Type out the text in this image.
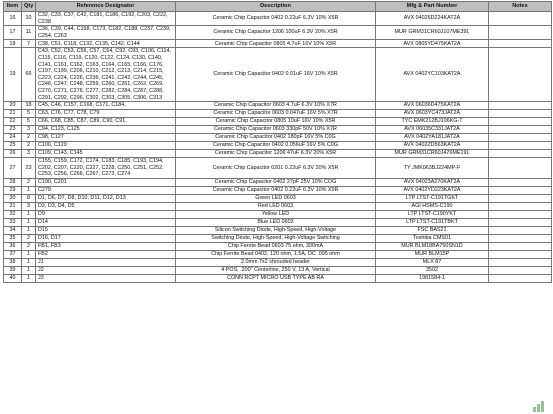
Item	Qty	Reference Designator	Description	Mfg & Part Number	Notes
16	10	C32, C33, C37, C42, C181, C186, C192, C203, C222, C238	Ceramic Chip Capacitor 0402 0.22uF 6.3V 10% X5R	AVX 04026D224KAT2A	
17	11	C36, C39, C44, C158, C173, C182, C188, C237, C239, C254, C263	Ceramic Chip Capacitor 1206 100uF 6.3V 20% X5R	MUR GRM31CR60J107ME39L	
18	7	C38, C51, C118, C132, C135, C142, C144	Ceramic Chip Capacitor 0805 4.7uF 16V 10% X5R	AVX 0805YD475KAT2A	
19	66	C43, C52, C53, C56, C57, C64, C92, C93, C106, C114, C115, C116, C119, C120, C122, C124, C130, C140, C141, C161, C162, C163, C164, C165, C166, C176, C197, C199, C206, C210, C212, C213, C214, C215, C223, C224, C226, C236, C241, C242, C244, C245, C246, C247, C248, C259, C260, C261, C262, C269, C270, C271, C276, C277, C282, C284, C287, C288, C291, C292, C296, C302, C303, C305, C306, C313	Ceramic Chip Capacitor 0402 0.01uF 16V 10% X5R	AVX 0402YC103KAT2A	
20	18	C45, C46, C157, C168, C171, C184,	Ceramic Chip Capacitor 0603 4.7uF 6.3V 10% X7R	AVX 06036D475KAT2A	
21	5	C63, C76, C77, C78, C79	Ceramic Chip Capacitor 0603 0.047uF 16V 5% X7R	AVX 0603YC473JAT2A	
22	5	C66, C68, C85, C87, C89, C90, C91,	Ceramic Chip Capacitor 0805 10uF 16V 10% X5R	TYC EMK212BJ106KG-T	
23	3	C94, C123, C125	Ceramic Chip Capacitor 0603 330pF 50V 10% X7R	AVX 06035C331JAT2A	
24	2	C98, C127	Ceramic Chip Capacitor 0402 180pF 16V 5% C0G	AVX 0402YA181JAT2A	
25	2	C100, C129	Ceramic Chip Capacitor 0402 0.056uF 16V 5% C0G	AVX 0402ZD563KAT2A	
26	3	C109, C143, C145	Ceramic Chip Capacitor 1206 47uF 6.3V 20% X5R	MUR GRM31CR60J476ME19L	
27	23	C155, C159, C172, C174, C183, C185, C193, C194, C202, C207, C220, C227, C228, C250, C251, C252, C253, C256, C266, C267, C273, C274	Ceramic Chip Capacitor 0201 0.22uF 6.3V 20% X5R	TY JMK063BJ224MP-F	
28	2	C190, C201	Ceramic Chip Capacitor 0402 27pF 25V 10% COG	AVX 04023A270KAT2A	
29	1	C279	Ceramic Chip Capacitor 0402 0.22uF 6.3V 10% X5R	AVX 0402YD223KAT2A	
30	8	D1, D6, D7, D8, D10, D11, D12, D13	Green LED 0603	LTP LTST-C191TGKT	
31	3	D2, D3, D4, D5	Red LED 0603	AGI HSMS-C190	
32	1	D9	Yellow LED	LTP LTST-C190YKT	
33	1	D14	Blue LED 0603	LTP LTST-C191TBKT	
34	1	D15	Silicon Switching Diode, High-Speed, High-Voltage	FSC BAS21	
35	2	D16, D17	Switching Diode, High-Speed, High-Voltage Switching	Toshiba CMS01	
36	2	FB1, FB3	Chip Ferrite Bead 0603 75 ohm, 300mA	MUR BLM18BA750SN1D	
37	1	FB2	Chip Ferrite Bead 0402, 120 ohm, 1.5A, DC .095 ohm	MUR BLM15P	
38	1	J1	2.0mm 7x2 shrouded header	MLX 87	
39	1	J2	4 POS, .200" Centerline, 250 V, 13 A, Vertical	3502	
40	1	J3	CONN RCPT MICRO USB TYPE AB RA	1981584-1	
